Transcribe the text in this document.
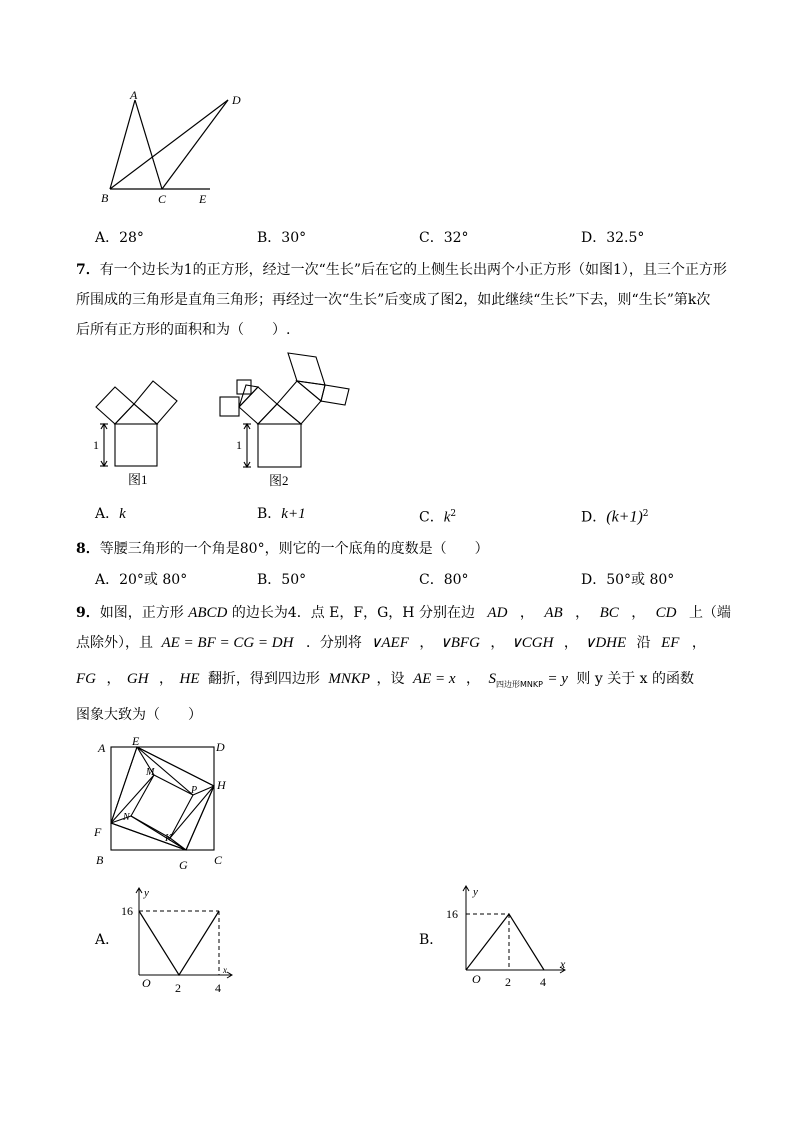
A	D
B	C	E
A．28°	B．30°	C．32°	D．32.5°
7．有一个边长为1的正方形，经过一次“生长”后在它的上侧生长出两个小正方形（如图1），且三个正方形
所围成的三角形是直角三角形；再经过一次“生长”后变成了图2，如此继续“生长”下去，则“生长”第k次
后所有正方形的面积和为（　　）.
1
图1
1
图2
A．k	B．k+1	C．$k^2$	D．$(k+1)^2$
8．等腰三角形的一个角是80°，则它的一个底角的度数是（　　）
A．20°或 80°	B．50°	C．80°	D．50°或 80°
9．如图，正方形 ABCD 的边长为4．点 E，F，G，H 分别在边 AD ， AB ， BC ， CD 上（端
点除外），且 AE = BF = CG = DH ．分别将 ∨AEF ， ∨BFG ， ∨CGH ， ∨DHE 沿 EF ，
FG ， GH ， HE 翻折，得到四边形 MNKP ，设 AE = x ， $S_{四边形MNKP} = y$ 则 y 关于 x 的函数
图象大致为（　　）
A E	D
H
M
P
N
K
F
B	G C
A．
y
x
16
O 2	4
B．
y
x
16
O 2 4
